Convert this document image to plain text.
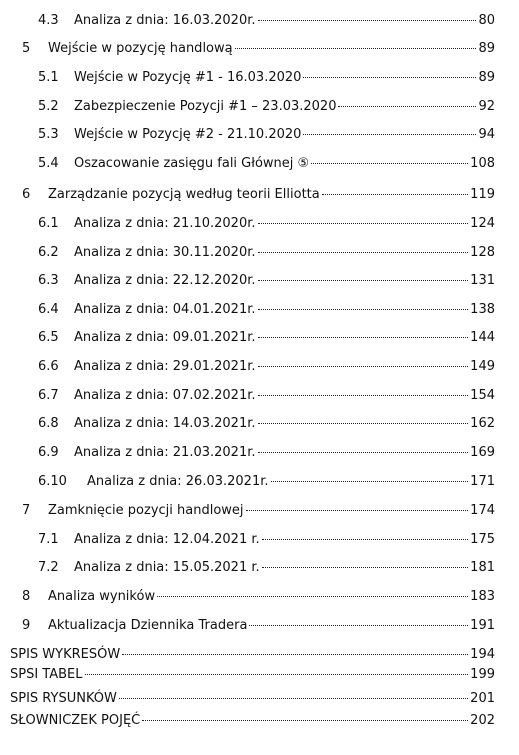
4.3	Analiza z dnia: 16.03.2020r.	80
5	Wejście w pozycję handlową	89
5.1	Wejście w Pozycję #1 - 16.03.2020	89
5.2	Zabezpieczenie Pozycji #1 – 23.03.2020	92
5.3	Wejście w Pozycję #2 - 21.10.2020	94
5.4	Oszacowanie zasięgu fali Głównej ⑤	108
6	Zarządzanie pozycją według teorii Elliotta	119
6.1	Analiza z dnia: 21.10.2020r.	124
6.2	Analiza z dnia: 30.11.2020r.	128
6.3	Analiza z dnia: 22.12.2020r.	131
6.4	Analiza z dnia: 04.01.2021r.	138
6.5	Analiza z dnia: 09.01.2021r.	144
6.6	Analiza z dnia: 29.01.2021r.	149
6.7	Analiza z dnia: 07.02.2021r.	154
6.8	Analiza z dnia: 14.03.2021r.	162
6.9	Analiza z dnia: 21.03.2021r.	169
6.10	Analiza z dnia: 26.03.2021r.	171
7	Zamknięcie pozycji handlowej	174
7.1	Analiza z dnia: 12.04.2021 r.	175
7.2	Analiza z dnia: 15.05.2021 r.	181
8	Analiza wyników	183
9	Aktualizacja Dziennika Tradera	191
SPIS WYKRESÓW	194
SPSI TABEL	199
SPIS RYSUNKÓW	201
SŁOWNICZEK POJĘĆ	202
